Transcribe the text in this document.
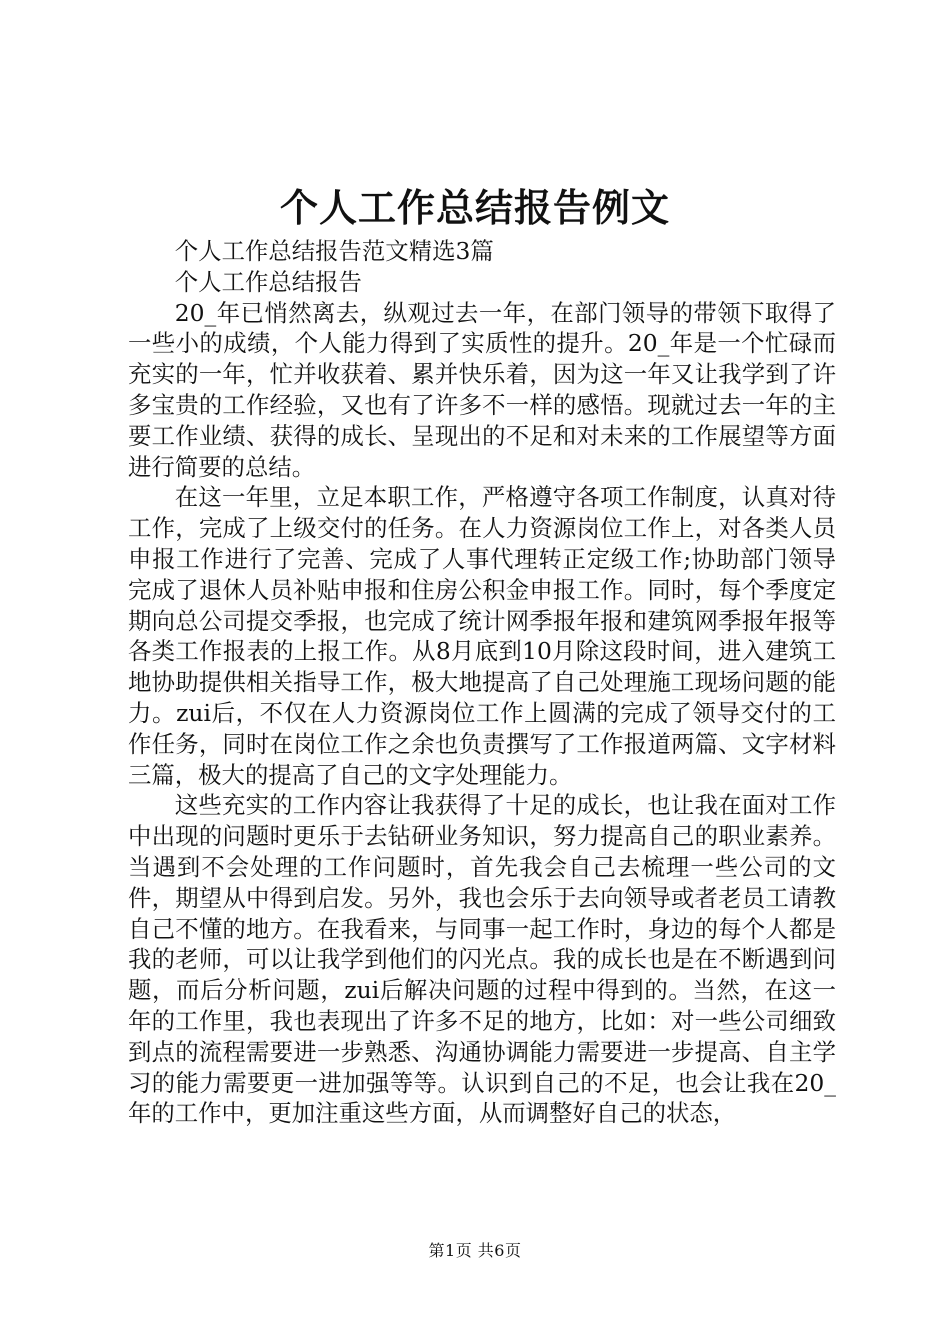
个人工作总结报告例文

个人工作总结报告范文精选3篇

个人工作总结报告

20_年已悄然离去，纵观过去一年，在部门领导的带领下取得了一些小的成绩，个人能力得到了实质性的提升。20_年是一个忙碌而充实的一年，忙并收获着、累并快乐着，因为这一年又让我学到了许多宝贵的工作经验，又也有了许多不一样的感悟。现就过去一年的主要工作业绩、获得的成长、呈现出的不足和对未来的工作展望等方面进行简要的总结。

在这一年里，立足本职工作，严格遵守各项工作制度，认真对待工作，完成了上级交付的任务。在人力资源岗位工作上，对各类人员申报工作进行了完善、完成了人事代理转正定级工作;协助部门领导完成了退休人员补贴申报和住房公积金申报工作。同时，每个季度定期向总公司提交季报，也完成了统计网季报年报和建筑网季报年报等各类工作报表的上报工作。从8月底到10月除这段时间，进入建筑工地协助提供相关指导工作，极大地提高了自己处理施工现场问题的能力。zui后，不仅在人力资源岗位工作上圆满的完成了领导交付的工作任务，同时在岗位工作之余也负责撰写了工作报道两篇、文字材料三篇，极大的提高了自己的文字处理能力。

这些充实的工作内容让我获得了十足的成长，也让我在面对工作中出现的问题时更乐于去钻研业务知识，努力提高自己的职业素养。当遇到不会处理的工作问题时，首先我会自己去梳理一些公司的文件，期望从中得到启发。另外，我也会乐于去向领导或者老员工请教自己不懂的地方。在我看来，与同事一起工作时，身边的每个人都是我的老师，可以让我学到他们的闪光点。我的成长也是在不断遇到问题，而后分析问题，zui后解决问题的过程中得到的。当然，在这一年的工作里，我也表现出了许多不足的地方，比如：对一些公司细致到点的流程需要进一步熟悉、沟通协调能力需要进一步提高、自主学习的能力需要更一进加强等等。认识到自己的不足，也会让我在20_年的工作中，更加注重这些方面，从而调整好自己的状态，

第1页 共6页
